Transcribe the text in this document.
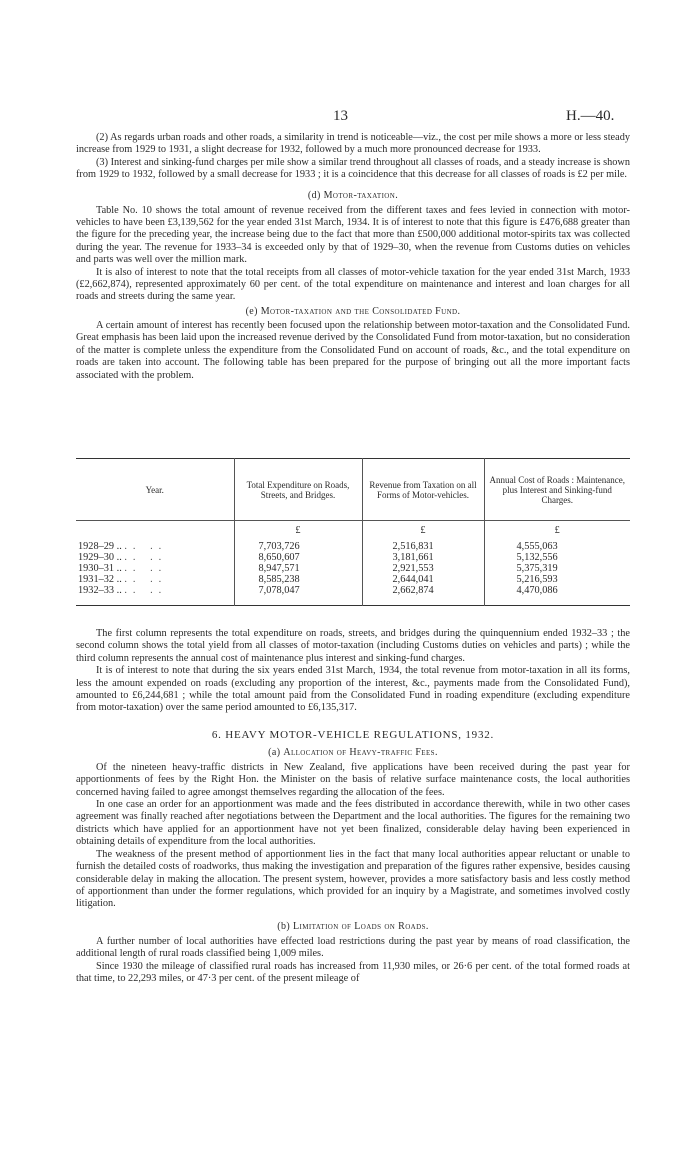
13	H.—40.

(2) As regards urban roads and other roads, a similarity in trend is noticeable—viz., the cost per mile shows a more or less steady increase from 1929 to 1931, a slight decrease for 1932, followed by a much more pronounced decrease for 1933.

(3) Interest and sinking-fund charges per mile show a similar trend throughout all classes of roads, and a steady increase is shown from 1929 to 1932, followed by a small decrease for 1933 ; it is a coincidence that this decrease for all classes of roads is £2 per mile.

(d) Motor-taxation.

Table No. 10 shows the total amount of revenue received from the different taxes and fees levied in connection with motor-vehicles to have been £3,139,562 for the year ended 31st March, 1934. It is of interest to note that this figure is £476,688 greater than the figure for the preceding year, the increase being due to the fact that more than £500,000 additional motor-spirits tax was collected during the year. The revenue for 1933–34 is exceeded only by that of 1929–30, when the revenue from Customs duties on vehicles and parts was well over the million mark.

It is also of interest to note that the total receipts from all classes of motor-vehicle taxation for the year ended 31st March, 1933 (£2,662,874), represented approximately 60 per cent. of the total expenditure on maintenance and interest and loan charges for all roads and streets during the same year.

(e) Motor-taxation and the Consolidated Fund.

A certain amount of interest has recently been focused upon the relationship between motor-taxation and the Consolidated Fund. Great emphasis has been laid upon the increased revenue derived by the Consolidated Fund from motor-taxation, but no consideration of the matter is complete unless the expenditure from the Consolidated Fund on account of roads, &c., and the total expenditure on roads are taken into account. The following table has been prepared for the purpose of bringing out all the more important facts associated with the problem.

Year.	Total Expenditure on Roads, Streets, and Bridges.	Revenue from Taxation on all Forms of Motor-vehicles.	Annual Cost of Roads : Maintenance, plus Interest and Sinking-fund Charges.
	£	£	£
1928–29 .. .. ..	7,703,726	2,516,831	4,555,063
1929–30 .. .. ..	8,650,607	3,181,661	5,132,556
1930–31 .. .. ..	8,947,571	2,921,553	5,375,319
1931–32 .. .. ..	8,585,238	2,644,041	5,216,593
1932–33 .. .. ..	7,078,047	2,662,874	4,470,086

The first column represents the total expenditure on roads, streets, and bridges during the quinquennium ended 1932–33 ; the second column shows the total yield from all classes of motor-taxation (including Customs duties on vehicles and parts) ; while the third column represents the annual cost of maintenance plus interest and sinking-fund charges.

It is of interest to note that during the six years ended 31st March, 1934, the total revenue from motor-taxation in all its forms, less the amount expended on roads (excluding any proportion of the interest, &c., payments made from the Consolidated Fund), amounted to £6,244,681 ; while the total amount paid from the Consolidated Fund in roading expenditure (excluding expenditure from motor-taxation) over the same period amounted to £6,135,317.

6. HEAVY MOTOR-VEHICLE REGULATIONS, 1932.
(a) Allocation of Heavy-traffic Fees.

Of the nineteen heavy-traffic districts in New Zealand, five applications have been received during the past year for apportionments of fees by the Right Hon. the Minister on the basis of relative surface maintenance costs, the local authorities concerned having failed to agree amongst themselves regarding the allocation of the fees.

In one case an order for an apportionment was made and the fees distributed in accordance therewith, while in two other cases agreement was finally reached after negotiations between the Department and the local authorities. The figures for the remaining two districts which have applied for an apportionment have not yet been finalized, considerable delay having been experienced in obtaining details of expenditure from the local authorities.

The weakness of the present method of apportionment lies in the fact that many local authorities appear reluctant or unable to furnish the detailed costs of roadworks, thus making the investigation and preparation of the figures rather expensive, besides causing considerable delay in making the allocation. The present system, however, provides a more satisfactory basis and less costly method of apportionment than under the former regulations, which provided for an inquiry by a Magistrate, and sometimes involved costly litigation.

(b) Limitation of Loads on Roads.

A further number of local authorities have effected load restrictions during the past year by means of road classification, the additional length of rural roads classified being 1,009 miles.

Since 1930 the mileage of classified rural roads has increased from 11,930 miles, or 26·6 per cent. of the total formed roads at that time, to 22,293 miles, or 47·3 per cent. of the present mileage of
